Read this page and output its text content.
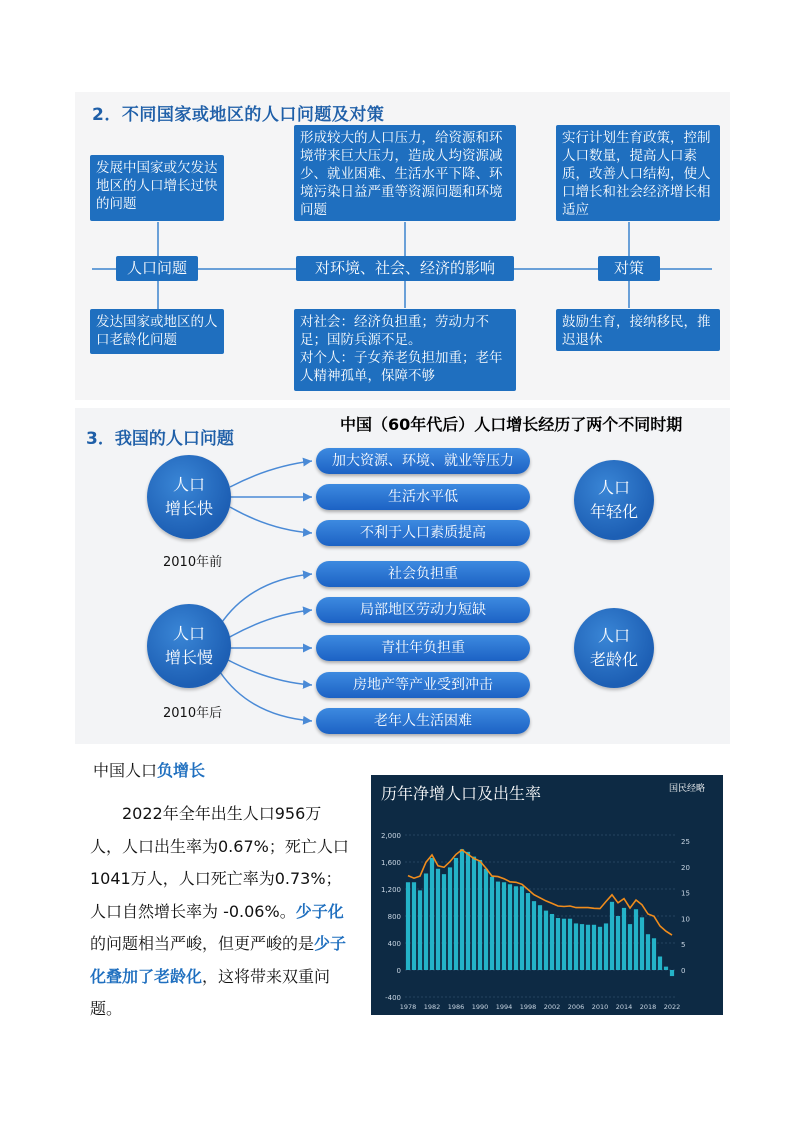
2．不同国家或地区的人口问题及对策
发展中国家或欠发达地区的人口增长过快的问题
人口问题
发达国家或地区的人口老龄化问题
形成较大的人口压力，给资源和环境带来巨大压力，造成人均资源减少、就业困难、生活水平下降、环境污染日益严重等资源问题和环境问题
对环境、社会、经济的影响
对社会：经济负担重；劳动力不足；国防兵源不足。
对个人：子女养老负担加重；老年人精神孤单，保障不够
实行计划生育政策，控制人口数量，提高人口素质，改善人口结构，使人口增长和社会经济增长相适应
对策
鼓励生育，接纳移民，推迟退休
3．我国的人口问题
中国（60年代后）人口增长经历了两个不同时期
人口
增长快
2010年前
加大资源、环境、就业等压力
生活水平低
不利于人口素质提高
人口
年轻化
人口
增长慢
2010年后
社会负担重
局部地区劳动力短缺
青壮年负担重
房地产等产业受到冲击
老年人生活困难
人口
老龄化
中国人口负增长
2022年全年出生人口956万人，人口出生率为0.67%；死亡人口1041万人，人口死亡率为0.73%；人口自然增长率为 -0.06%。少子化的问题相当严峻，但更严峻的是少子化叠加了老龄化，这将带来双重问题。
历年净增人口及出生率	国民经略
-400
0
400
800
1,200
1,600
2,000
0
5
10
15
20
25
1978 1982 1986 1990 1994 1998 2002 2006 2010 2014 2018 2022
